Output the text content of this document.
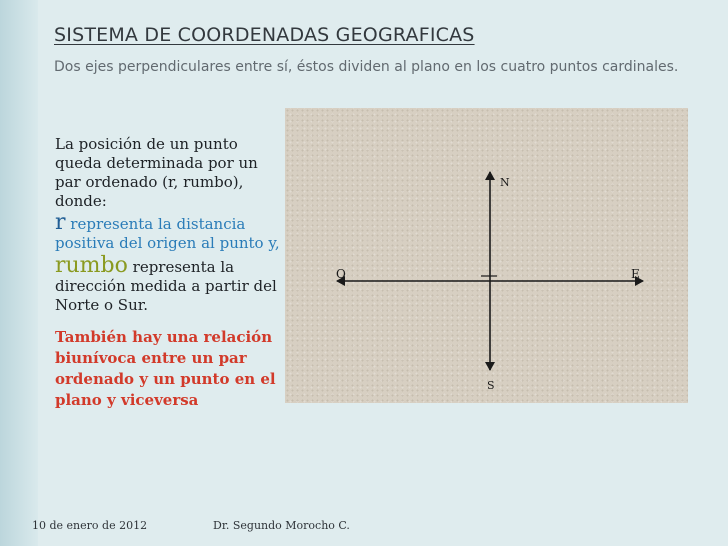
SISTEMA DE COORDENADAS GEOGRAFICAS
Dos ejes perpendiculares entre sí, éstos dividen al plano en los cuatro puntos cardinales.

La posición de un punto queda determinada por un par ordenado (r, rumbo), donde:

r representa la distancia positiva del origen al punto y,

rumbo representa la dirección medida a partir del Norte o Sur.

También hay una relación biunívoca entre un par ordenado y un punto en el plano y viceversa

N
S
O	E
10 de enero de 2012	Dr. Segundo Morocho C.
